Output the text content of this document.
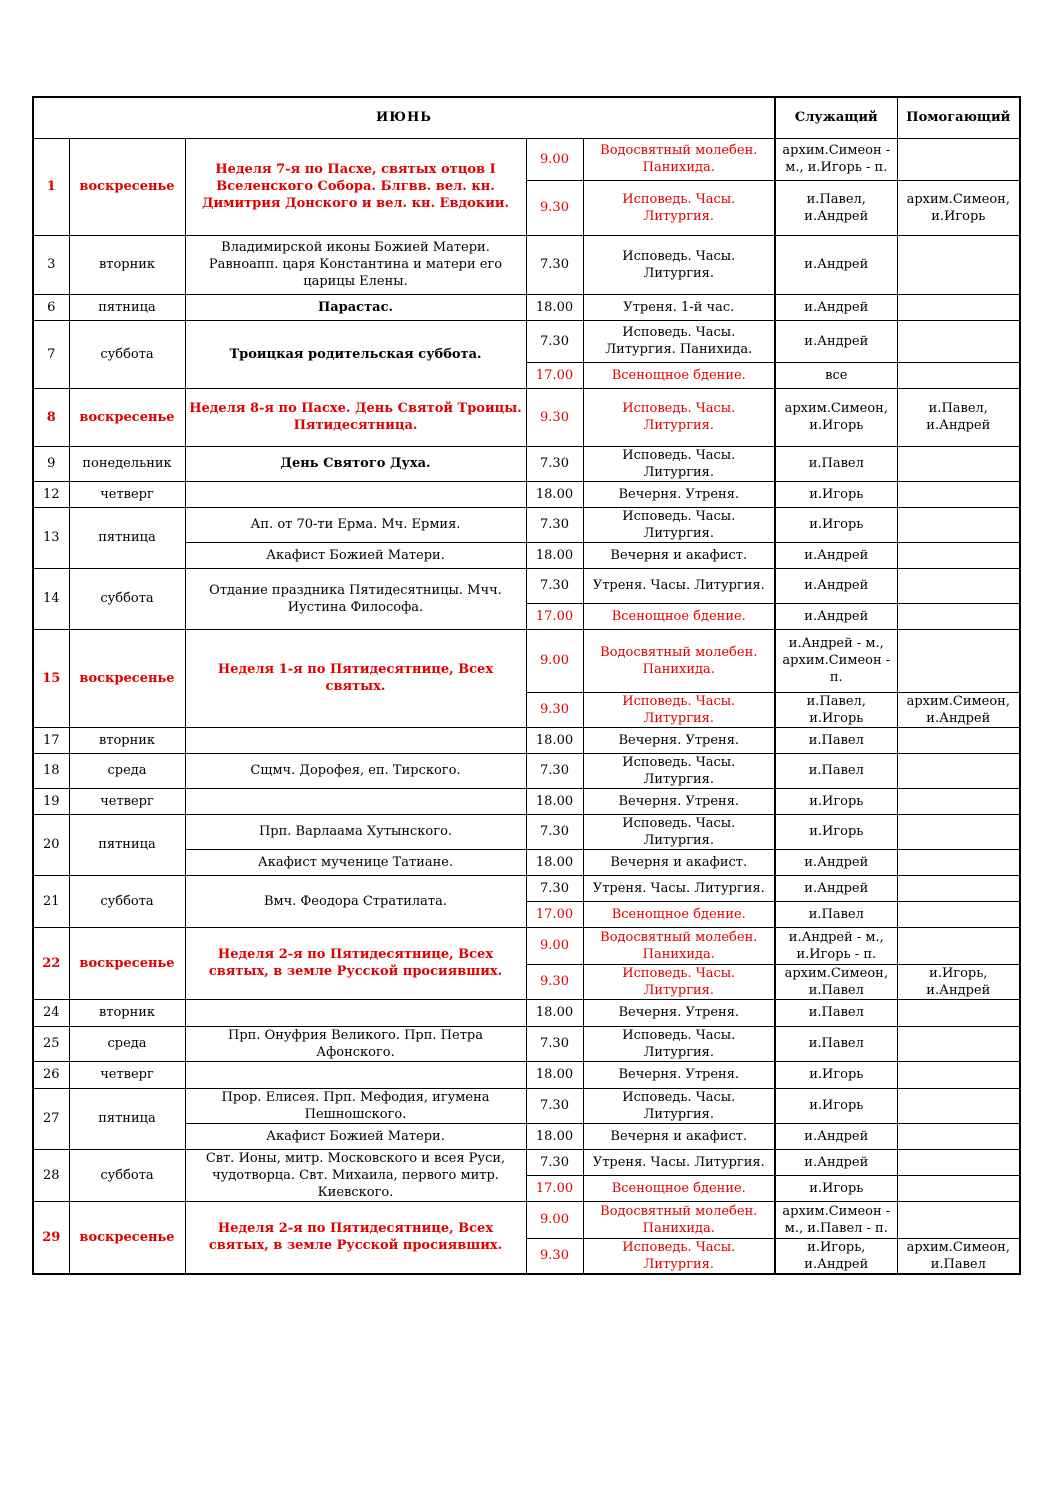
ИЮНЬ					Служащий	Помогающий
1	воскресенье	Неделя 7-я по Пасхе, святых отцов I Вселенского Собора. Блгвв. вел. кн. Димитрия Донского и вел. кн. Евдокии.	9.00	Водосвятный молебен. Панихида.	архим.Симеон - м., и.Игорь - п.	
			9.30	Исповедь. Часы. Литургия.	и.Павел, и.Андрей	архим.Симеон, и.Игорь
3	вторник	Владимирской иконы Божией Матери. Равноапп. царя Константина и матери его царицы Елены.	7.30	Исповедь. Часы. Литургия.	и.Андрей	
6	пятница	Парастас.	18.00	Утреня. 1-й час.	и.Андрей	
7	суббота	Троицкая родительская суббота.	7.30	Исповедь. Часы. Литургия. Панихида.	и.Андрей	
			17.00	Всенощное бдение.	все	
8	воскресенье	Неделя 8-я по Пасхе. День Святой Троицы. Пятидесятница.	9.30	Исповедь. Часы. Литургия.	архим.Симеон, и.Игорь	и.Павел, и.Андрей
9	понедельник	День Святого Духа.	7.30	Исповедь. Часы. Литургия.	и.Павел	
12	четверг		18.00	Вечерня. Утреня.	и.Игорь	
13	пятница	Ап. от 70-ти Ерма. Мч. Ермия.	7.30	Исповедь. Часы. Литургия.	и.Игорь	
		Акафист Божией Матери.	18.00	Вечерня и акафист.	и.Андрей	
14	суббота	Отдание праздника Пятидесятницы. Мчч. Иустина Философа.	7.30	Утреня. Часы. Литургия.	и.Андрей	
			17.00	Всенощное бдение.	и.Андрей	
15	воскресенье	Неделя 1-я по Пятидесятнице, Всех святых.	9.00	Водосвятный молебен. Панихида.	и.Андрей - м., архим.Симеон - п.	
			9.30	Исповедь. Часы. Литургия.	и.Павел, и.Игорь	архим.Симеон, и.Андрей
17	вторник		18.00	Вечерня. Утреня.	и.Павел	
18	среда	Сщмч. Дорофея, еп. Тирского.	7.30	Исповедь. Часы. Литургия.	и.Павел	
19	четверг		18.00	Вечерня. Утреня.	и.Игорь	
20	пятница	Прп. Варлаама Хутынского.	7.30	Исповедь. Часы. Литургия.	и.Игорь	
		Акафист мученице Татиане.	18.00	Вечерня и акафист.	и.Андрей	
21	суббота	Вмч. Феодора Стратилата.	7.30	Утреня. Часы. Литургия.	и.Андрей	
			17.00	Всенощное бдение.	и.Павел	
22	воскресенье	Неделя 2-я по Пятидесятнице, Всех святых, в земле Русской просиявших.	9.00	Водосвятный молебен. Панихида.	и.Андрей - м., и.Игорь - п.	
			9.30	Исповедь. Часы. Литургия.	архим.Симеон, и.Павел	и.Игорь, и.Андрей
24	вторник		18.00	Вечерня. Утреня.	и.Павел	
25	среда	Прп. Онуфрия Великого. Прп. Петра Афонского.	7.30	Исповедь. Часы. Литургия.	и.Павел	
26	четверг		18.00	Вечерня. Утреня.	и.Игорь	
27	пятница	Прор. Елисея. Прп. Мефодия, игумена Пешношского.	7.30	Исповедь. Часы. Литургия.	и.Игорь	
		Акафист Божией Матери.	18.00	Вечерня и акафист.	и.Андрей	
28	суббота	Свт. Ионы, митр. Московского и всея Руси, чудотворца. Свт. Михаила, первого митр. Киевского.	7.30	Утреня. Часы. Литургия.	и.Андрей	
			17.00	Всенощное бдение.	и.Игорь	
29	воскресенье	Неделя 2-я по Пятидесятнице, Всех святых, в земле Русской просиявших.	9.00	Водосвятный молебен. Панихида.	архим.Симеон - м., и.Павел - п.	
			9.30	Исповедь. Часы. Литургия.	и.Игорь, и.Андрей	архим.Симеон, и.Павел
